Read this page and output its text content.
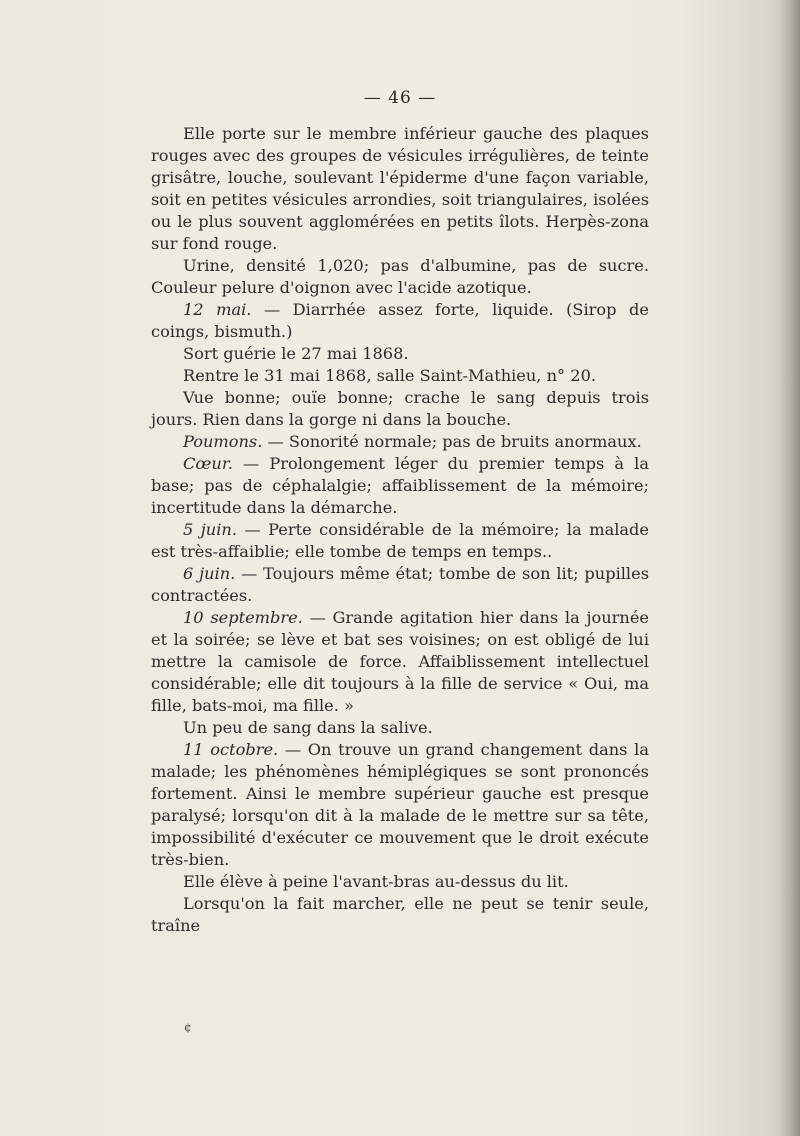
— 46 —

Elle porte sur le membre inférieur gauche des plaques rouges avec des groupes de vésicules irrégulières, de teinte grisâtre, louche, soulevant l'épiderme d'une façon variable, soit en petites vésicules arrondies, soit triangulaires, isolées ou le plus souvent agglomérées en petits îlots. Herpès-zona sur fond rouge.

Urine, densité 1,020; pas d'albumine, pas de sucre. Couleur pelure d'oignon avec l'acide azotique.

12 mai. — Diarrhée assez forte, liquide. (Sirop de coings, bismuth.)

Sort guérie le 27 mai 1868.

Rentre le 31 mai 1868, salle Saint-Mathieu, n° 20.

Vue bonne; ouïe bonne; crache le sang depuis trois jours. Rien dans la gorge ni dans la bouche.

Poumons. — Sonorité normale; pas de bruits anormaux.

Cœur. — Prolongement léger du premier temps à la base; pas de céphalalgie; affaiblissement de la mémoire; incertitude dans la démarche.

5 juin. — Perte considérable de la mémoire; la malade est très-affaiblie; elle tombe de temps en temps..

6 juin. — Toujours même état; tombe de son lit; pupilles contractées.

10 septembre. — Grande agitation hier dans la journée et la soirée; se lève et bat ses voisines; on est obligé de lui mettre la camisole de force. Affaiblissement intellectuel considérable; elle dit toujours à la fille de service « Oui, ma fille, bats-moi, ma fille. »

Un peu de sang dans la salive.

11 octobre. — On trouve un grand changement dans la malade; les phénomènes hémiplégiques se sont prononcés fortement. Ainsi le membre supérieur gauche est presque paralysé; lorsqu'on dit à la malade de le mettre sur sa tête, impossibilité d'exécuter ce mouvement que le droit exécute très-bien.

Elle élève à peine l'avant-bras au-dessus du lit.

Lorsqu'on la fait marcher, elle ne peut se tenir seule, traîne

¢
